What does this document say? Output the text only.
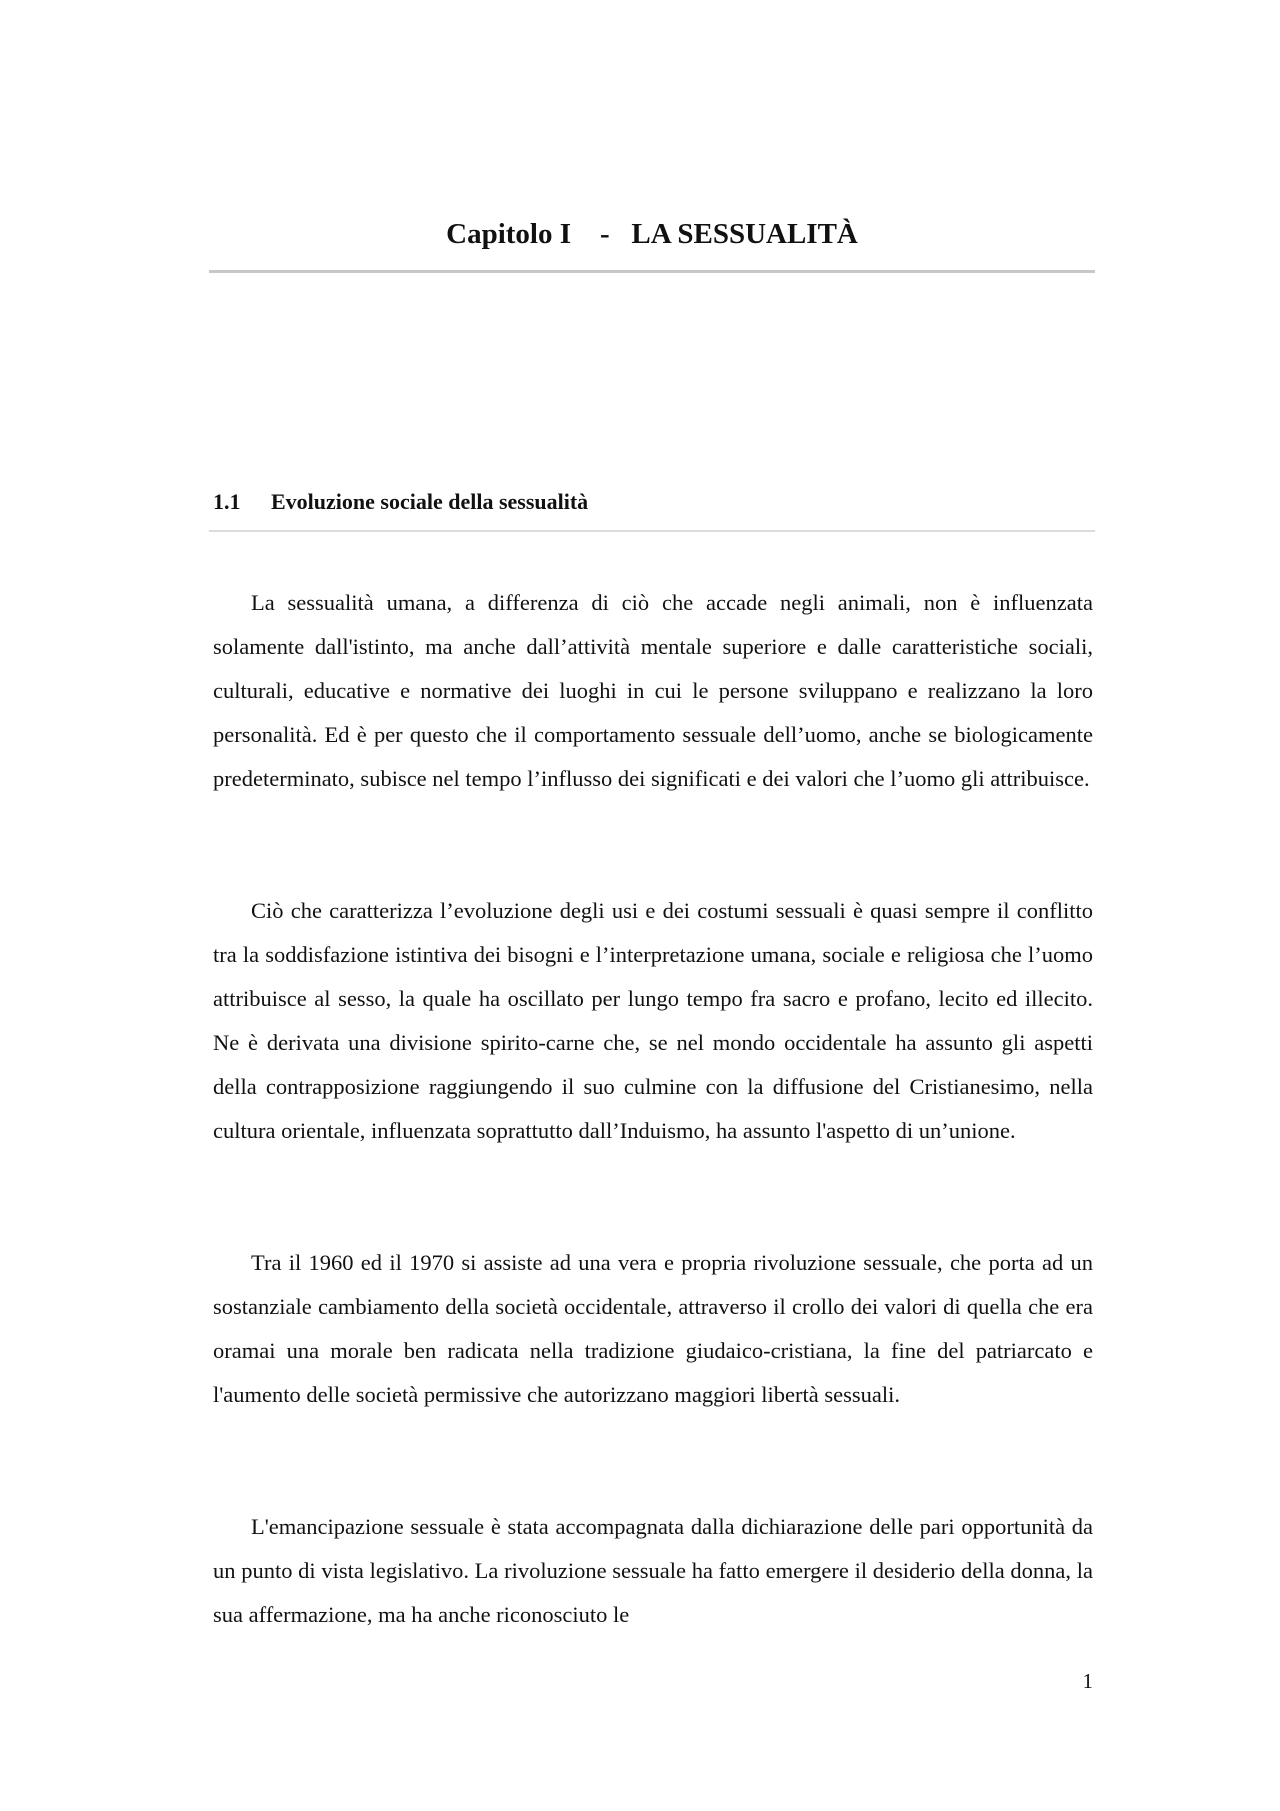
Capitolo I    -   LA SESSUALITÀ
1.1 Evoluzione sociale della sessualità

La sessualità umana, a differenza di ciò che accade negli animali, non è influenzata solamente dall'istinto, ma anche dall’attività mentale superiore e dalle caratteristiche sociali, culturali, educative e normative dei luoghi in cui le persone sviluppano e realizzano la loro personalità. Ed è per questo che il comportamento sessuale dell’uomo, anche se biologicamente predeterminato, subisce nel tempo l’influsso dei significati e dei valori che l’uomo gli attribuisce.

Ciò che caratterizza l’evoluzione degli usi e dei costumi sessuali è quasi sempre il conflitto tra la soddisfazione istintiva dei bisogni e l’interpretazione umana, sociale e religiosa che l’uomo attribuisce al sesso, la quale ha oscillato per lungo tempo fra sacro e profano, lecito ed illecito. Ne è derivata una divisione spirito-carne che, se nel mondo occidentale ha assunto gli aspetti della contrapposizione raggiungendo il suo culmine con la diffusione del Cristianesimo, nella cultura orientale, influenzata soprattutto dall’Induismo, ha assunto l'aspetto di un’unione.

Tra il 1960 ed il 1970 si assiste ad una vera e propria rivoluzione sessuale, che porta ad un sostanziale cambiamento della società occidentale, attraverso il crollo dei valori di quella che era oramai una morale ben radicata nella tradizione giudaico-cristiana, la fine del patriarcato e l'aumento delle società permissive che autorizzano maggiori libertà sessuali.

L'emancipazione sessuale è stata accompagnata dalla dichiarazione delle pari opportunità da un punto di vista legislativo. La rivoluzione sessuale ha fatto emergere il desiderio della donna, la sua affermazione, ma ha anche riconosciuto le

1
